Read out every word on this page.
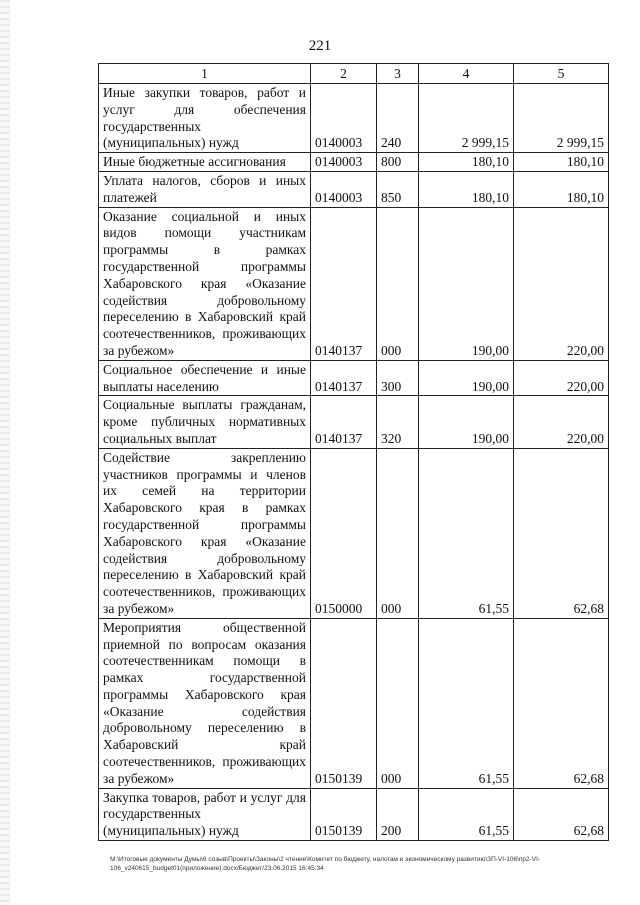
221
1	2	3	4	5
Иные закупки товаров, работ и услуг для обеспечения государственных (муниципальных) нужд	0140003	240	2 999,15	2 999,15
Иные бюджетные ассигнования	0140003	800	180,10	180,10
Уплата налогов, сборов и иных платежей	0140003	850	180,10	180,10
Оказание социальной и иных видов помощи участникам программы в рамках государственной программы Хабаровского края «Оказание содействия добровольному переселению в Хабаровский край соотечественников, проживающих за рубежом»	0140137	000	190,00	220,00
Социальное обеспечение и иные выплаты населению	0140137	300	190,00	220,00
Социальные выплаты гражданам, кроме публичных нормативных социальных выплат	0140137	320	190,00	220,00
Содействие закреплению участников программы и членов их семей на территории Хабаровского края в рамках государственной программы Хабаровского края «Оказание содействия добровольному переселению в Хабаровский край соотечественников, проживающих за рубежом»	0150000	000	61,55	62,68
Мероприятия общественной приемной по вопросам оказания соотечественникам помощи в рамках государственной программы Хабаровского края «Оказание содействия добровольному переселению в Хабаровский край соотечественников, проживающих за рубежом»	0150139	000	61,55	62,68
Закупка товаров, работ и услуг для государственных (муниципальных) нужд	0150139	200	61,55	62,68
М:\Итоговые документы Думы\6 созыв\Проекты\Законы\2 чтение\Комитет по бюджету, налогам и экономическому развитию\ЗП-VI-106\пр2-VI-
106_v240615_budget01(приложение).docx/Бюджет/23.06.2015 16:45:34
